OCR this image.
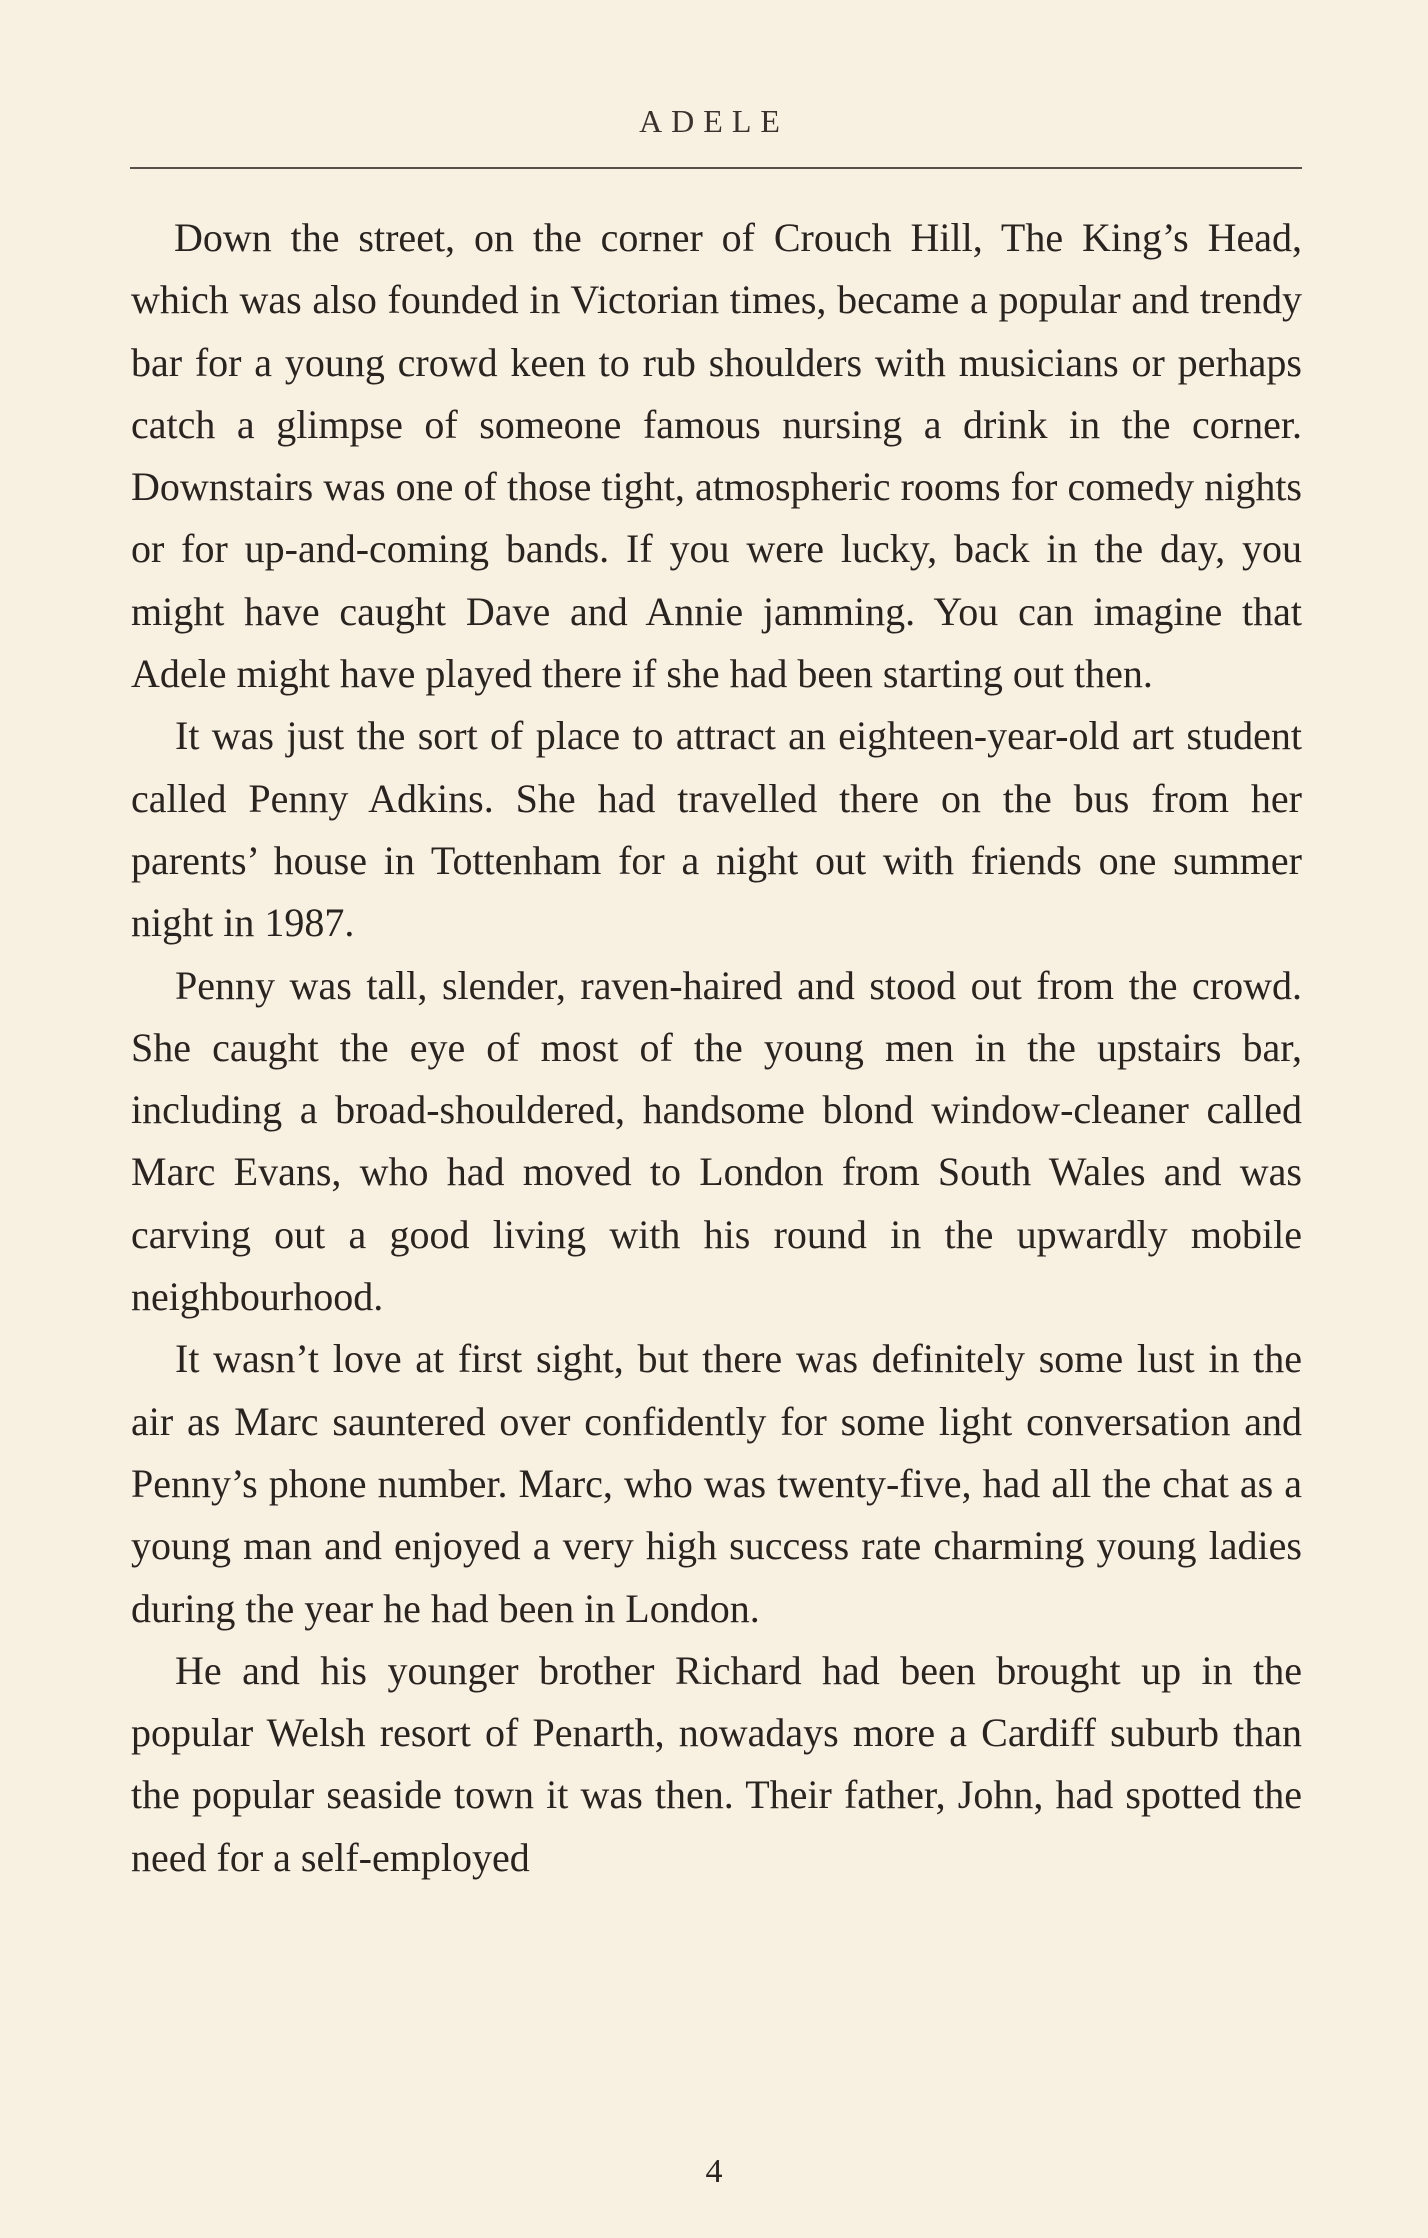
ADELE

Down the street, on the corner of Crouch Hill, The King’s Head, which was also founded in Victorian times, became a popular and trendy bar for a young crowd keen to rub shoulders with musicians or perhaps catch a glimpse of someone famous nursing a drink in the corner. Downstairs was one of those tight, atmospheric rooms for comedy nights or for up-and-coming bands. If you were lucky, back in the day, you might have caught Dave and Annie jamming. You can imagine that Adele might have played there if she had been starting out then.

It was just the sort of place to attract an eighteen-year-old art student called Penny Adkins. She had travelled there on the bus from her parents’ house in Tottenham for a night out with friends one summer night in 1987.

Penny was tall, slender, raven-haired and stood out from the crowd. She caught the eye of most of the young men in the upstairs bar, including a broad-shouldered, handsome blond window-cleaner called Marc Evans, who had moved to London from South Wales and was carving out a good living with his round in the upwardly mobile neighbourhood.

It wasn’t love at first sight, but there was definitely some lust in the air as Marc sauntered over confidently for some light conversation and Penny’s phone number. Marc, who was twenty-five, had all the chat as a young man and enjoyed a very high success rate charming young ladies during the year he had been in London.

He and his younger brother Richard had been brought up in the popular Welsh resort of Penarth, nowadays more a Cardiff suburb than the popular seaside town it was then. Their father, John, had spotted the need for a self-employed

4
